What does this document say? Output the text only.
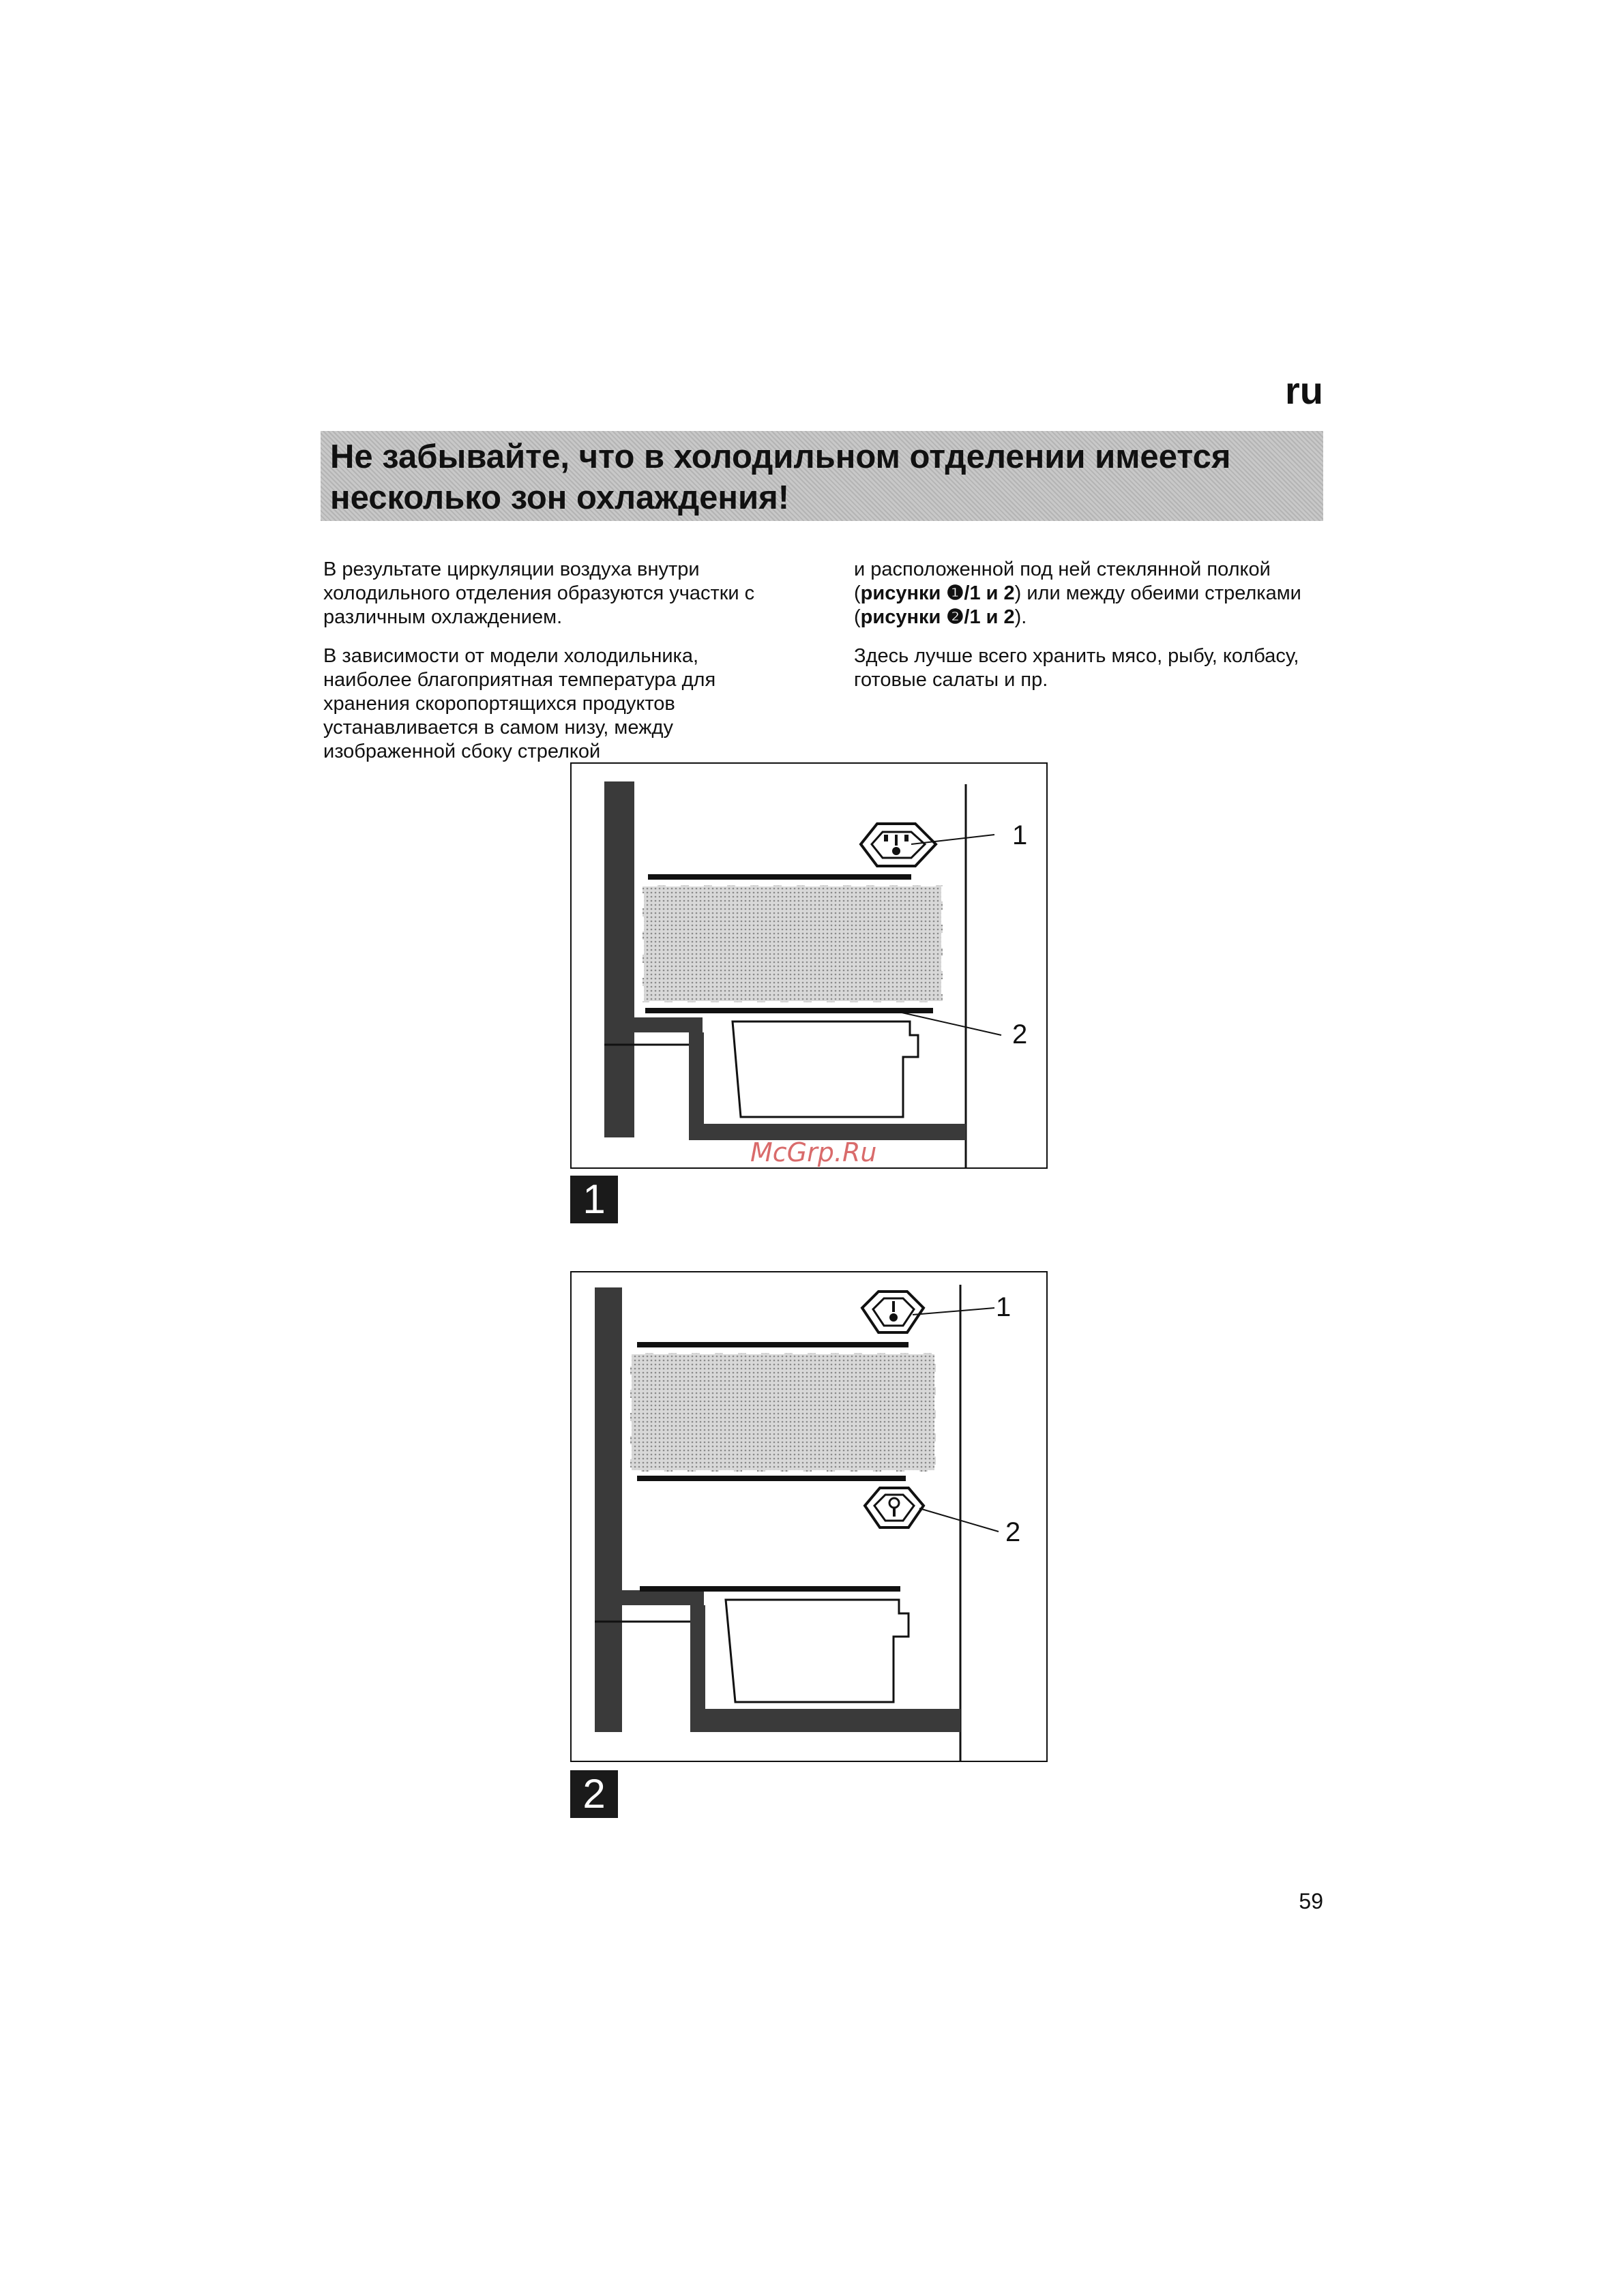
ru
Не забывайте, что в холодильном отделении имеется несколько зон охлаждения!

В результате циркуляции воздуха внутри холодильного отделения образуются участки с различным охлаждением.

В зависимости от модели холодильника, наиболее благоприятная температура для хранения скоропортящихся продуктов устанавливается в самом низу, между изображенной сбоку стрелкой

и расположенной под ней стеклянной полкой (рисунки ❶/1 и 2) или между обеими стрелками (рисунки ❷/1 и 2).

Здесь лучше всего хранить мясо, рыбу, колбасу, готовые салаты и пр.

1
2
McGrp.Ru
1
1
2
2
59
